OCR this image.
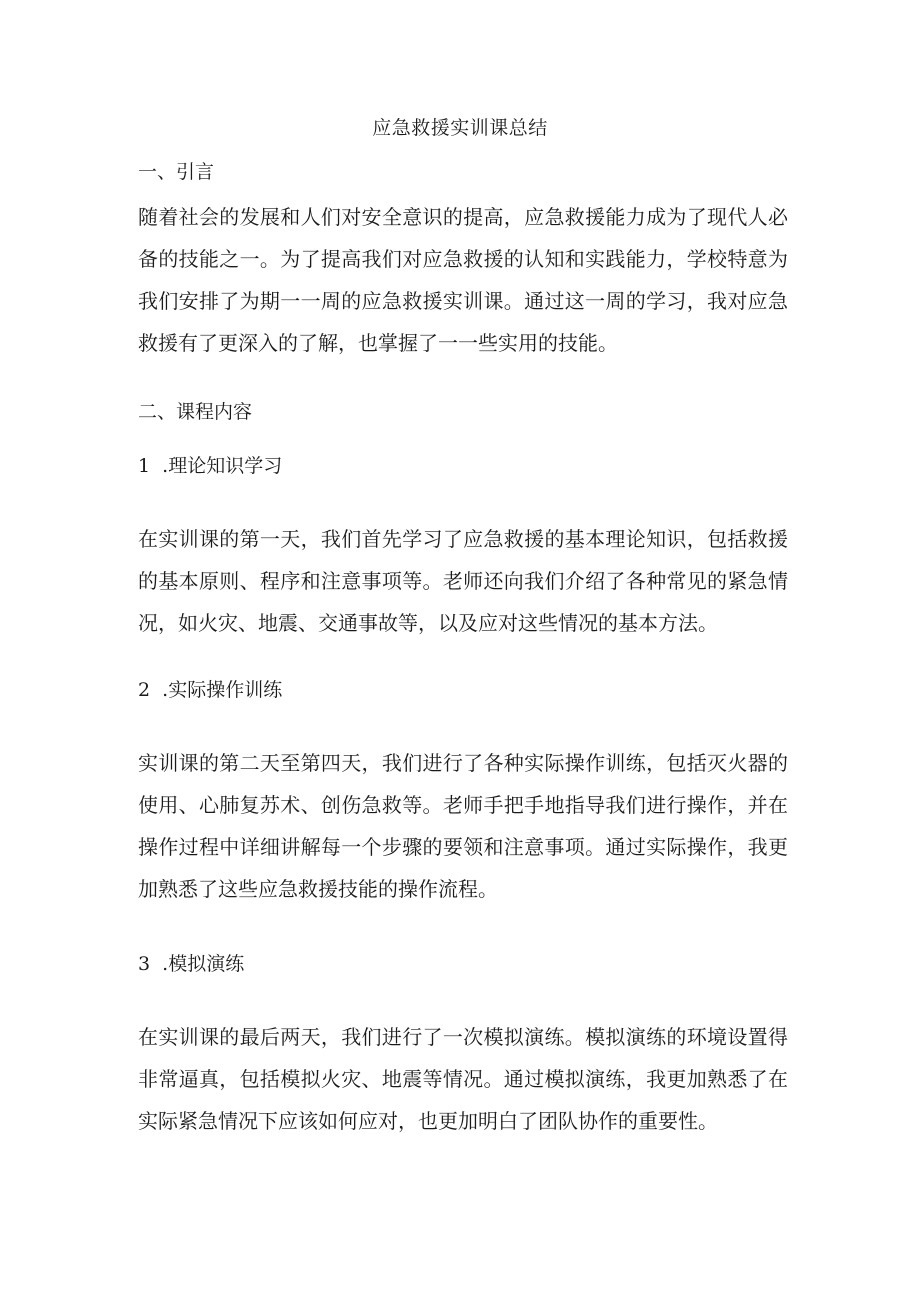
应急救援实训课总结
一、引言
随着社会的发展和人们对安全意识的提高，应急救援能力成为了现代人必
备的技能之一。为了提高我们对应急救援的认知和实践能力，学校特意为
我们安排了为期一一周的应急救援实训课。通过这一周的学习，我对应急
救援有了更深入的了解，也掌握了一一些实用的技能。
二、课程内容
1  .理论知识学习
在实训课的第一天，我们首先学习了应急救援的基本理论知识，包括救援
的基本原则、程序和注意事项等。老师还向我们介绍了各种常见的紧急情
况，如火灾、地震、交通事故等，以及应对这些情况的基本方法。
2  .实际操作训练
实训课的第二天至第四天，我们进行了各种实际操作训练，包括灭火器的
使用、心肺复苏术、创伤急救等。老师手把手地指导我们进行操作，并在
操作过程中详细讲解每一个步骤的要领和注意事项。通过实际操作，我更
加熟悉了这些应急救援技能的操作流程。
3  .模拟演练
在实训课的最后两天，我们进行了一次模拟演练。模拟演练的环境设置得
非常逼真，包括模拟火灾、地震等情况。通过模拟演练，我更加熟悉了在
实际紧急情况下应该如何应对，也更加明白了团队协作的重要性。
